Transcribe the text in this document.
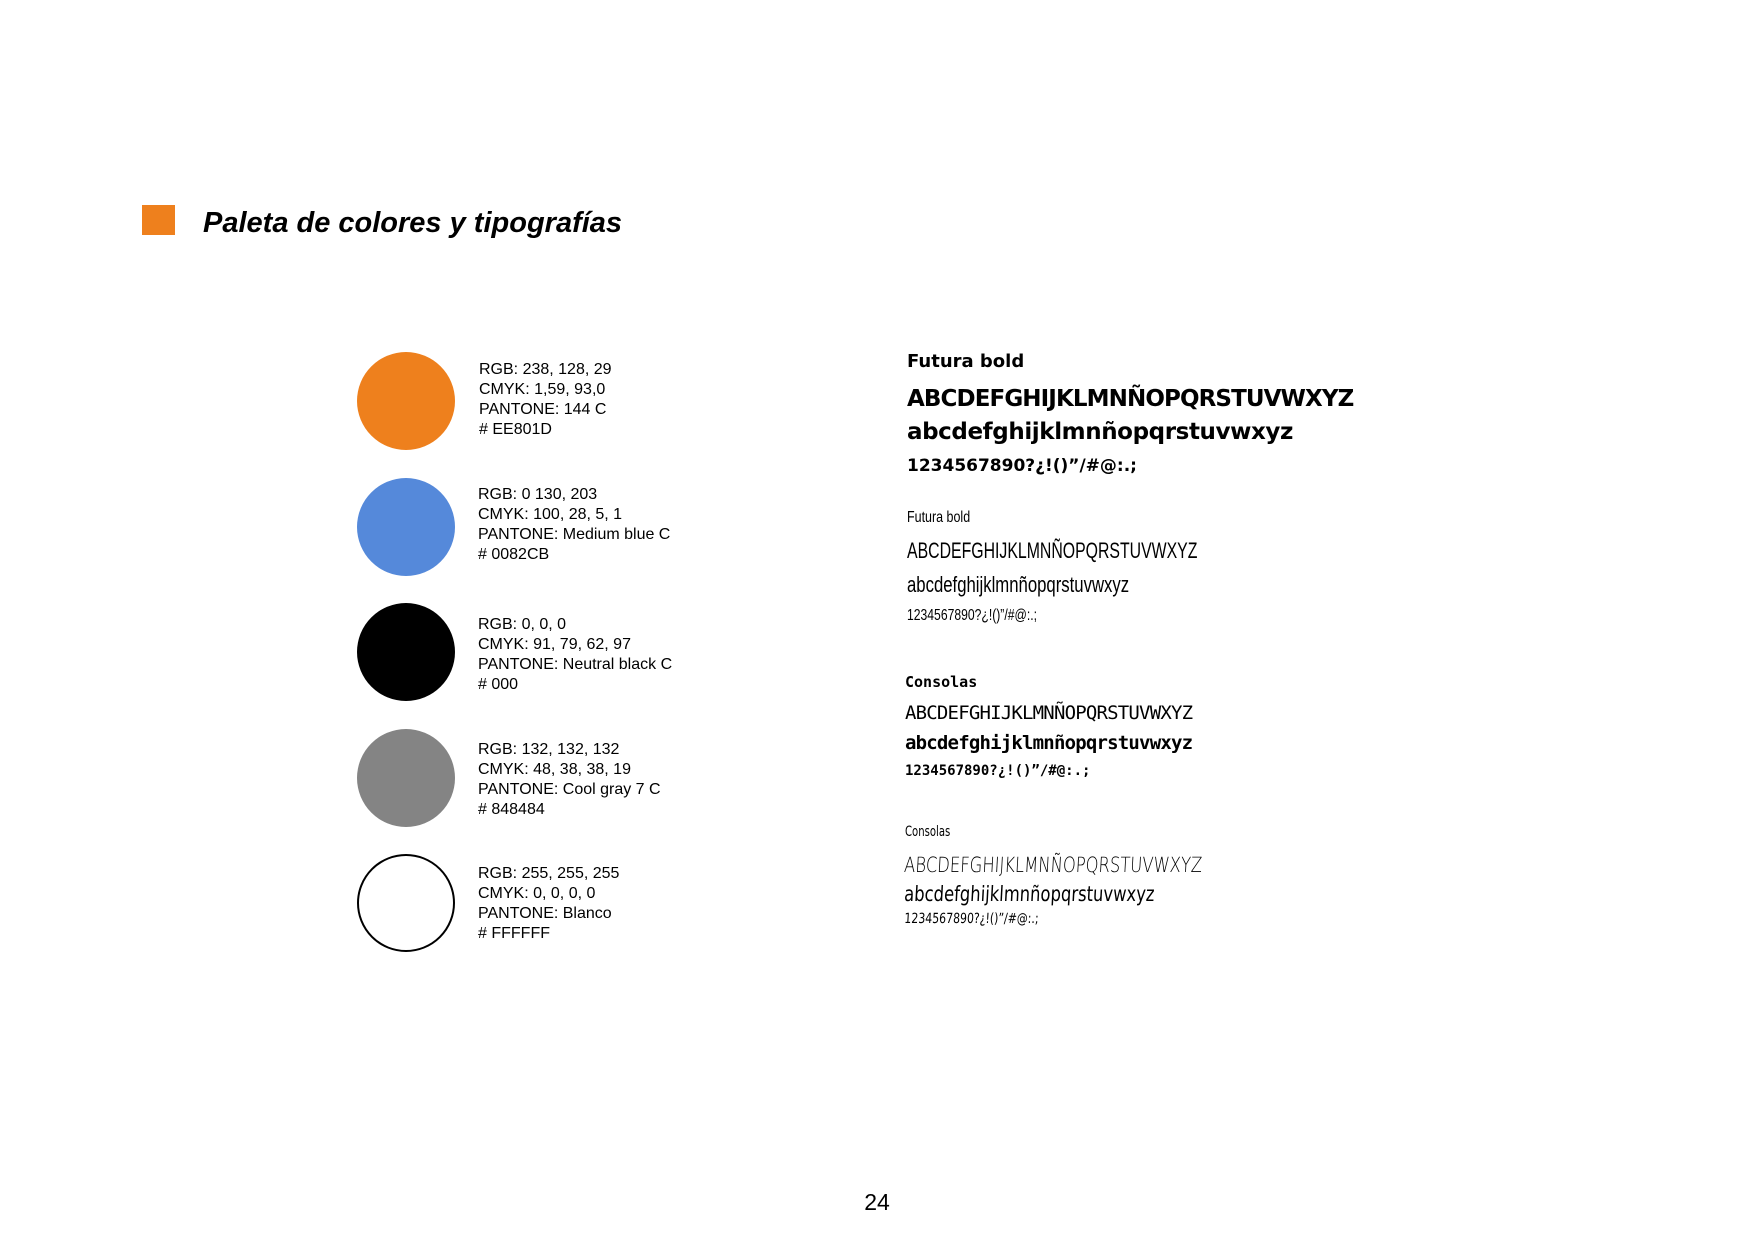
Paleta de colores y tipografías
RGB: 238, 128, 29
CMYK: 1,59, 93,0
PANTONE: 144 C
# EE801D
RGB: 0 130, 203
CMYK: 100, 28, 5, 1
PANTONE: Medium blue C
# 0082CB
RGB: 0, 0, 0
CMYK: 91, 79, 62, 97
PANTONE: Neutral black C
# 000
RGB: 132, 132, 132
CMYK: 48, 38, 38, 19
PANTONE: Cool gray 7 C
# 848484
RGB: 255, 255, 255
CMYK: 0, 0, 0, 0
PANTONE: Blanco
# FFFFFF
Futura bold
ABCDEFGHIJKLMNÑOPQRSTUVWXYZ
abcdefghijklmnñopqrstuvwxyz
1234567890?¿!()”/#@:.;
Futura bold
ABCDEFGHIJKLMNÑOPQRSTUVWXYZ
abcdefghijklmnñopqrstuvwxyz
1234567890?¿!()”/#@:.;
Consolas
ABCDEFGHIJKLMNÑOPQRSTUVWXYZ
abcdefghijklmnñopqrstuvwxyz
1234567890?¿!()”/#@:.;
Consolas
ABCDEFGHIJKLMNÑOPQRSTUVWXYZ
abcdefghijklmnñopqrstuvwxyz
1234567890?¿!()”/#@:.;
24
